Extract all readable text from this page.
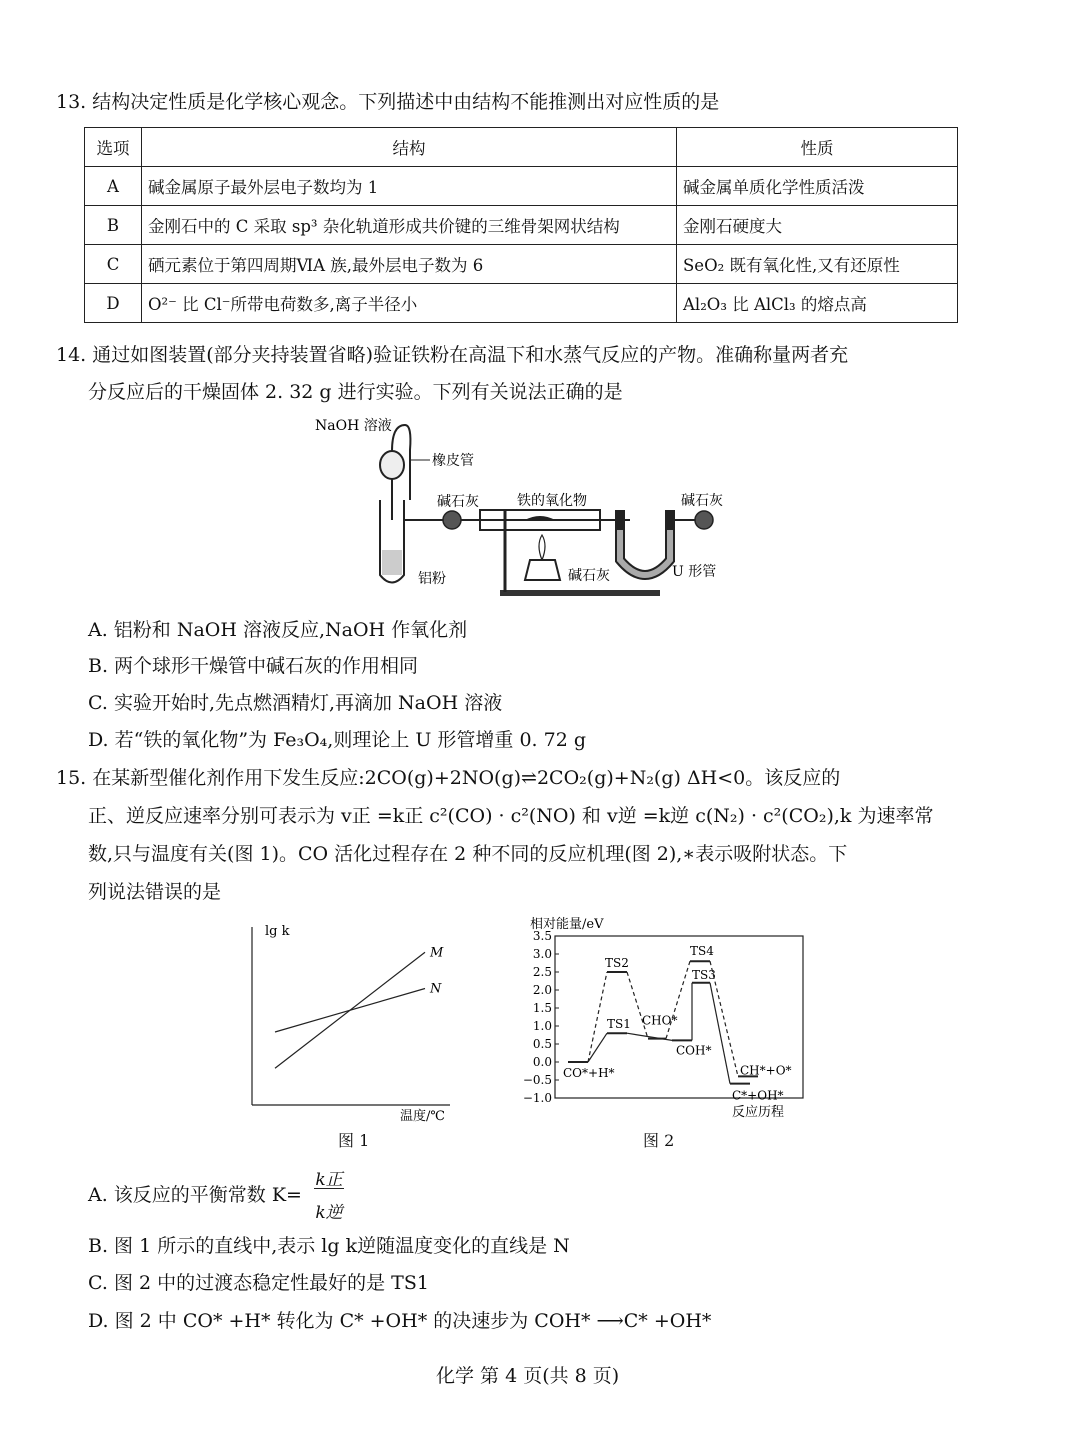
13. 结构决定性质是化学核心观念。下列描述中由结构不能推测出对应性质的是
选项	结构	性质
A	碱金属原子最外层电子数均为 1	碱金属单质化学性质活泼
B	金刚石中的 C 采取 sp³ 杂化轨道形成共价键的三维骨架网状结构	金刚石硬度大
C	硒元素位于第四周期ⅥA 族,最外层电子数为 6	SeO₂ 既有氧化性,又有还原性
D	O²⁻ 比 Cl⁻所带电荷数多,离子半径小	Al₂O₃ 比 AlCl₃ 的熔点高
14. 通过如图装置(部分夹持装置省略)验证铁粉在高温下和水蒸气反应的产物。准确称量两者充
分反应后的干燥固体 2. 32 g 进行实验。下列有关说法正确的是
NaOH 溶液
橡皮管
碱石灰	铁的氧化物	碱石灰
铝粉	碱石灰	U 形管
A. 铝粉和 NaOH 溶液反应,NaOH 作氧化剂
B. 两个球形干燥管中碱石灰的作用相同
C. 实验开始时,先点燃酒精灯,再滴加 NaOH 溶液
D. 若“铁的氧化物”为 Fe₃O₄,则理论上 U 形管增重 0. 72 g
15. 在某新型催化剂作用下发生反应:2CO(g)+2NO(g)⇌2CO₂(g)+N₂(g) ΔH<0。该反应的
正、逆反应速率分别可表示为 v正 =k正 c²(CO) · c²(NO) 和 v逆 =k逆 c(N₂) · c²(CO₂),k 为速率常
数,只与温度有关(图 1)。CO 活化过程存在 2 种不同的反应机理(图 2),∗表示吸附状态。下
列说法错误的是
lg k
温度/℃
M
N
图 1
相对能量/eV
3.5
3.0
2.5
2.0
1.5
1.0
0.5
0.0
−0.5
−1.0
CO*+H*
TS2
TS1 CHO*
COH*
TS4
TS3
CH*+O*
C*+OH*
反应历程
图 2
A. 该反应的平衡常数 K=
k正
k逆
B. 图 1 所示的直线中,表示 lg k逆随温度变化的直线是 N
C. 图 2 中的过渡态稳定性最好的是 TS1
D. 图 2 中 CO* +H* 转化为 C* +OH* 的决速步为 COH* ⟶C* +OH*
化学 第 4 页(共 8 页)
